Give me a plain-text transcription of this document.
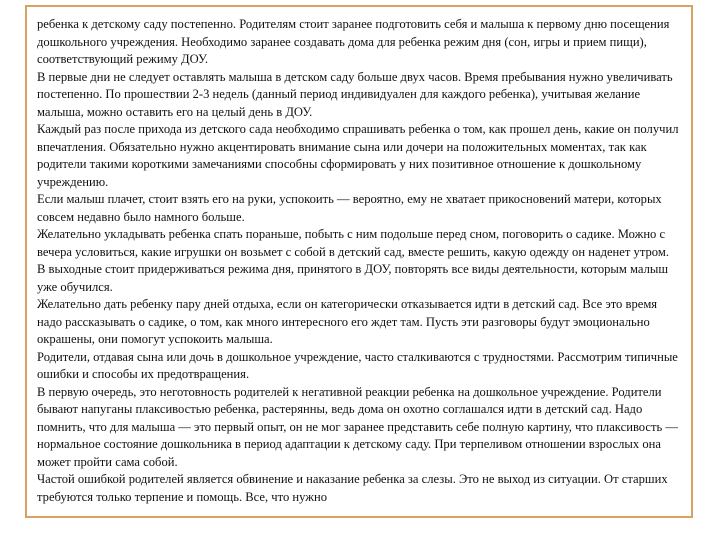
ребенка к детскому саду постепенно. Родителям стоит заранее подготовить себя и малыша к первому дню посещения дошкольного учреждения. Необходимо заранее создавать дома для ребенка режим дня (сон, игры и прием пищи), соответствующий режиму ДОУ.

В первые дни не следует оставлять малыша в детском саду больше двух часов. Время пребывания нужно увеличивать постепенно. По прошествии 2-3 недель (данный период индивидуален для каждого ребенка), учитывая желание малыша, можно оставить его на целый день в ДОУ.

Каждый раз после прихода из детского сада необходимо спрашивать ребенка о том, как прошел день, какие он получил впечатления. Обязательно нужно акцентировать внимание сына или дочери на положительных моментах, так как родители такими короткими замечаниями способны сформировать у них позитивное отношение к дошкольному учреждению.

Если малыш плачет, стоит взять его на руки, успокоить — вероятно, ему не хватает прикосновений матери, которых совсем недавно было намного больше.

Желательно укладывать ребенка спать пораньше, побыть с ним подольше перед сном, поговорить о садике. Можно с вечера условиться, какие игрушки он возьмет с собой в детский сад, вместе решить, какую одежду он наденет утром.

В выходные стоит придерживаться режима дня, принятого в ДОУ, повторять все виды деятельности, которым малыш уже обучился.

Желательно дать ребенку пару дней отдыха, если он категорически отказывается идти в детский сад. Все это время надо рассказывать о садике, о том, как много интересного его ждет там. Пусть эти разговоры будут эмоционально окрашены, они помогут успокоить малыша.

Родители, отдавая сына или дочь в дошкольное учреждение, часто сталкиваются с трудностями. Рассмотрим типичные ошибки и способы их предотвращения.

В первую очередь, это неготовность родителей к негативной реакции ребенка на дошкольное учреждение. Родители бывают напуганы плаксивостью ребенка, растерянны, ведь дома он охотно соглашался идти в детский сад. Надо помнить, что для малыша — это первый опыт, он не мог заранее представить себе полную картину, что плаксивость — нормальное состояние дошкольника в период адаптации к детскому саду. При терпеливом отношении взрослых она может пройти сама собой.

Частой ошибкой родителей является обвинение и наказание ребенка за слезы. Это не выход из ситуации. От старших требуются только терпение и помощь. Все, что нужно
